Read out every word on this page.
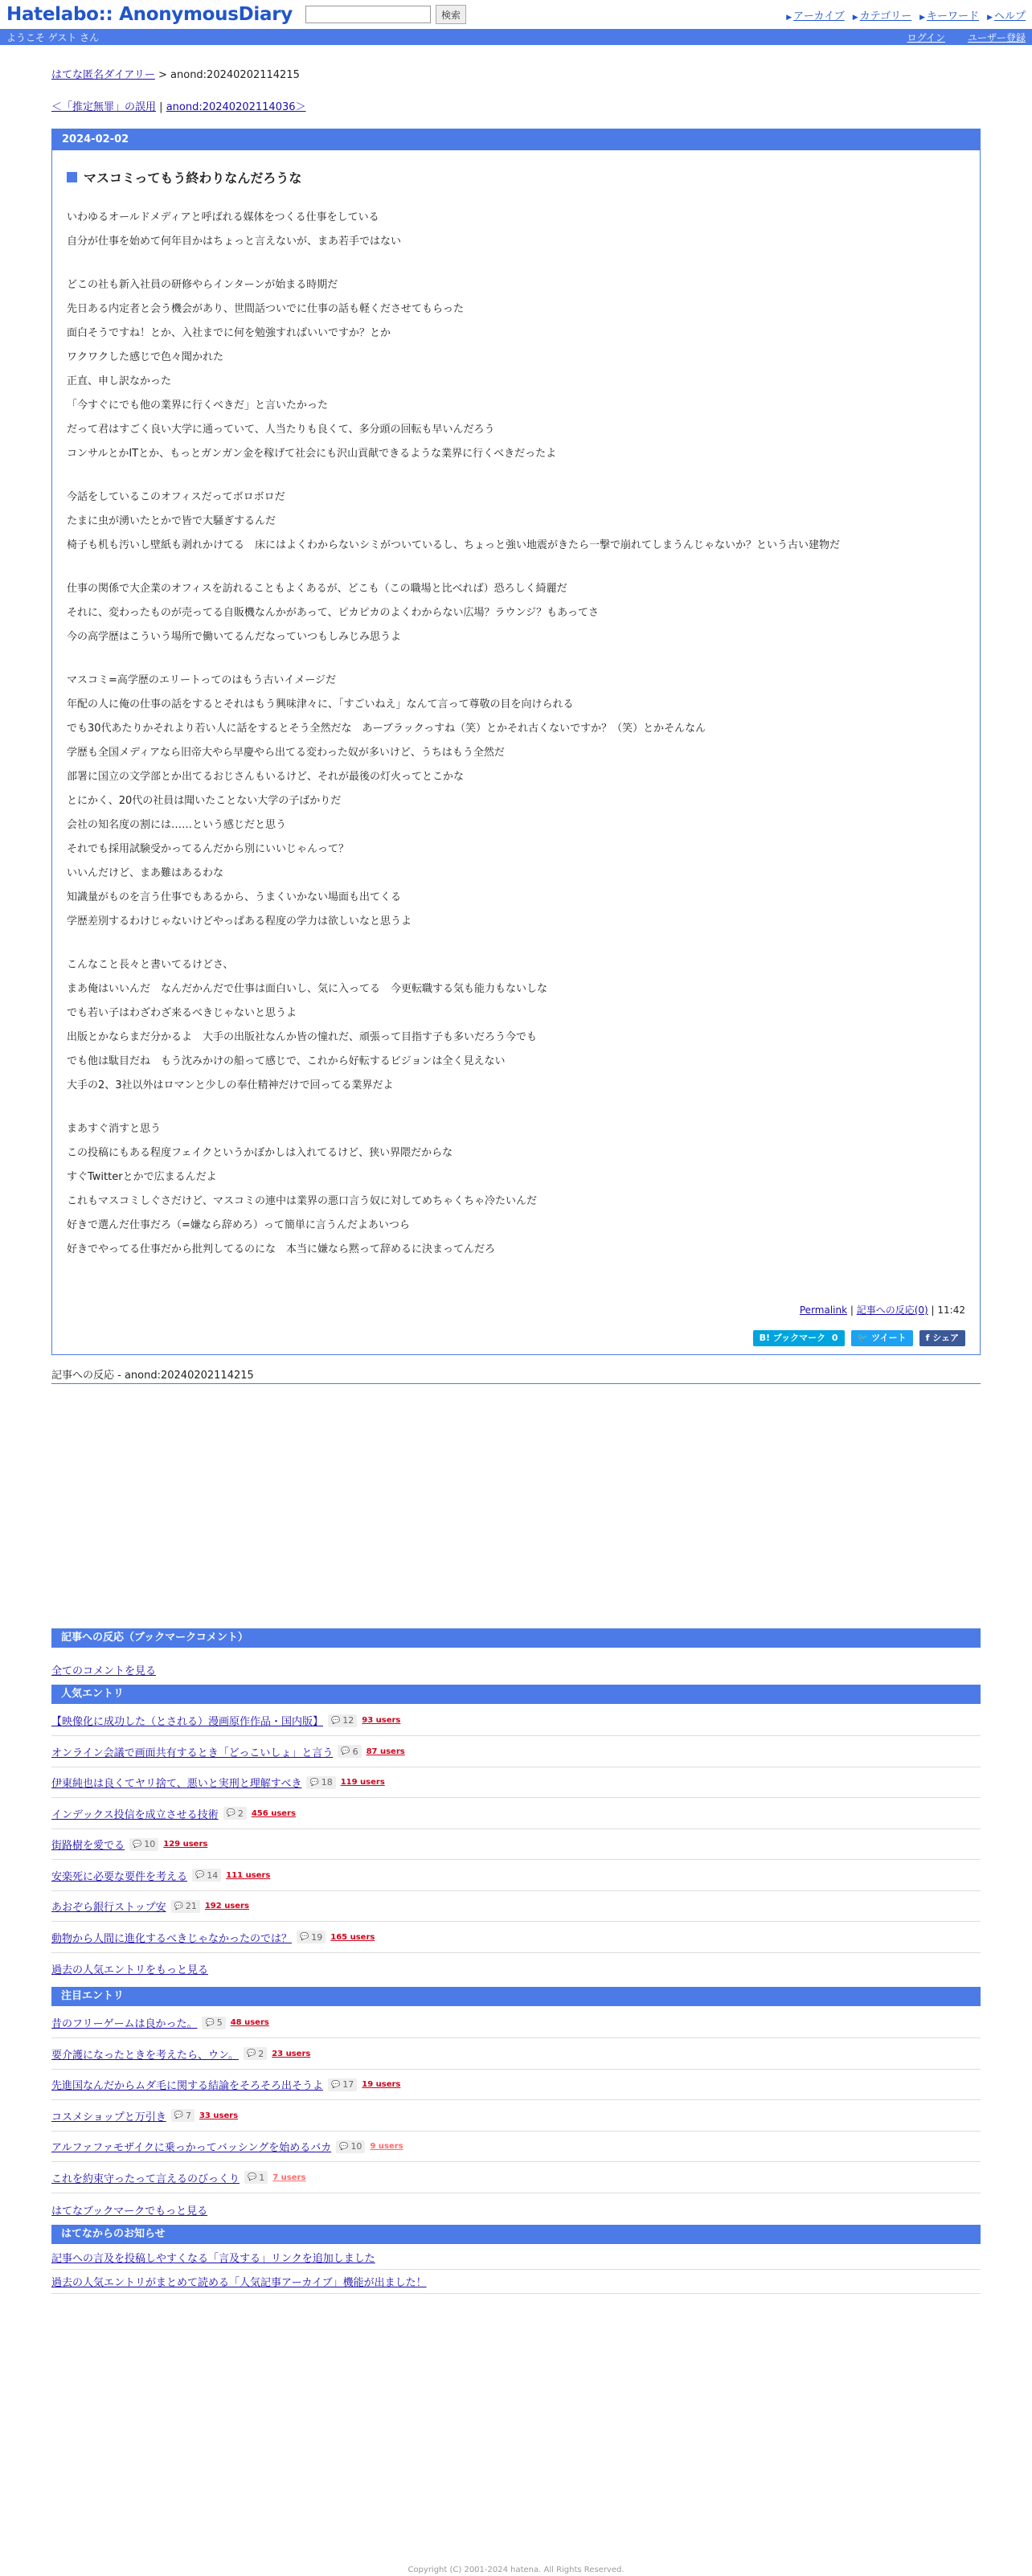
Hatelabo:: AnonymousDiary	検索	▶ アーカイブ ▶ カテゴリー ▶ キーワード ▶ ヘルプ
ようこそ ゲスト さん	ログイン ユーザー登録
はてな匿名ダイアリー > anond:20240202114215
＜「推定無罪」の誤用 | anond:20240202114036＞
2024-02-02
マスコミってもう終わりなんだろうな

いわゆるオールドメディアと呼ばれる媒体をつくる仕事をしている
自分が仕事を始めて何年目かはちょっと言えないが、まあ若手ではない

どこの社も新入社員の研修やらインターンが始まる時期だ
先日ある内定者と会う機会があり、世間話ついでに仕事の話も軽くださせてもらった
面白そうですね！とか、入社までに何を勉強すればいいですか？とか
ワクワクした感じで色々聞かれた
正直、申し訳なかった
「今すぐにでも他の業界に行くべきだ」と言いたかった
だって君はすごく良い大学に通っていて、人当たりも良くて、多分頭の回転も早いんだろう
コンサルとかITとか、もっとガンガン金を稼げて社会にも沢山貢献できるような業界に行くべきだったよ

今話をしているこのオフィスだってボロボロだ
たまに虫が湧いたとかで皆で大騒ぎするんだ
椅子も机も汚いし壁紙も剥れかけてる　床にはよくわからないシミがついているし、ちょっと強い地震がきたら一撃で崩れてしまうんじゃないか？という古い建物だ

仕事の関係で大企業のオフィスを訪れることもよくあるが、どこも（この職場と比べれば）恐ろしく綺麗だ
それに、変わったものが売ってる自販機なんかがあって、ピカピカのよくわからない広場？ラウンジ？もあってさ
今の高学歴はこういう場所で働いてるんだなっていつもしみじみ思うよ

マスコミ=高学歴のエリートってのはもう古いイメージだ
年配の人に俺の仕事の話をするとそれはもう興味津々に、「すごいねえ」なんて言って尊敬の目を向けられる
でも30代あたりかそれより若い人に話をするとそう全然だな　あーブラックっすね（笑）とかそれ古くないですか？（笑）とかそんなん
学歴も全国メディアなら旧帝大やら早慶やら出てる変わった奴が多いけど、うちはもう全然だ
部署に国立の文学部とか出てるおじさんもいるけど、それが最後の灯火ってとこかな
とにかく、20代の社員は聞いたことない大学の子ばかりだ
会社の知名度の割には……という感じだと思う
それでも採用試験受かってるんだから別にいいじゃんって？
いいんだけど、まあ難はあるわな
知識量がものを言う仕事でもあるから、うまくいかない場面も出てくる
学歴差別するわけじゃないけどやっぱある程度の学力は欲しいなと思うよ

こんなこと長々と書いてるけどさ、
まあ俺はいいんだ　なんだかんだで仕事は面白いし、気に入ってる　今更転職する気も能力もないしな
でも若い子はわざわざ来るべきじゃないと思うよ
出版とかならまだ分かるよ　大手の出版社なんか皆の憧れだ、頑張って目指す子も多いだろう今でも
でも他は駄目だね　もう沈みかけの船って感じで、これから好転するビジョンは全く見えない
大手の2、3社以外はロマンと少しの奉仕精神だけで回ってる業界だよ

まあすぐ消すと思う
この投稿にもある程度フェイクというかぼかしは入れてるけど、狭い界隈だからな
すぐTwitterとかで広まるんだよ
これもマスコミしぐさだけど、マスコミの連中は業界の悪口言う奴に対してめちゃくちゃ冷たいんだ
好きで選んだ仕事だろ（=嫌なら辞めろ）って簡単に言うんだよあいつら
好きでやってる仕事だから批判してるのにな　本当に嫌なら黙って辞めるに決まってんだろ

Permalink | 記事への反応(0) | 11:42
B! ブックマーク 0	🐦 ツイート	f シェア
記事への反応 - anond:20240202114215
記事への反応（ブックマークコメント）
全てのコメントを見る
人気エントリ
【映像化に成功した（とされる）漫画原作作品・国内版】 💬 12 93 users
オンライン会議で画面共有するとき「どっこいしょ」と言う 💬 6 87 users
伊東純也は良くてヤリ捨て、悪いと実刑と理解すべき 💬 18 119 users
インデックス投信を成立させる技術 💬 2 456 users
街路樹を愛でる 💬 10 129 users
安楽死に必要な要件を考える 💬 14 111 users
あおぞら銀行ストップ安 💬 21 192 users
動物から人間に進化するべきじゃなかったのでは？ 💬 19 165 users
過去の人気エントリをもっと見る
注目エントリ
昔のフリーゲームは良かった。 💬 5 48 users
要介護になったときを考えたら、ウン。 💬 2 23 users
先進国なんだからムダ毛に関する結論をそろそろ出そうよ 💬 17 19 users
コスメショップと万引き 💬 7 33 users
アルファファモザイクに乗っかってバッシングを始めるバカ 💬 10 9 users
これを約束守ったって言えるのびっくり 💬 1 7 users
はてなブックマークでもっと見る
はてなからのお知らせ
記事への言及を投稿しやすくなる「言及する」リンクを追加しました
過去の人気エントリがまとめて読める「人気記事アーカイブ」機能が出ました！
Copyright (C) 2001-2024 hatena. All Rights Reserved.
